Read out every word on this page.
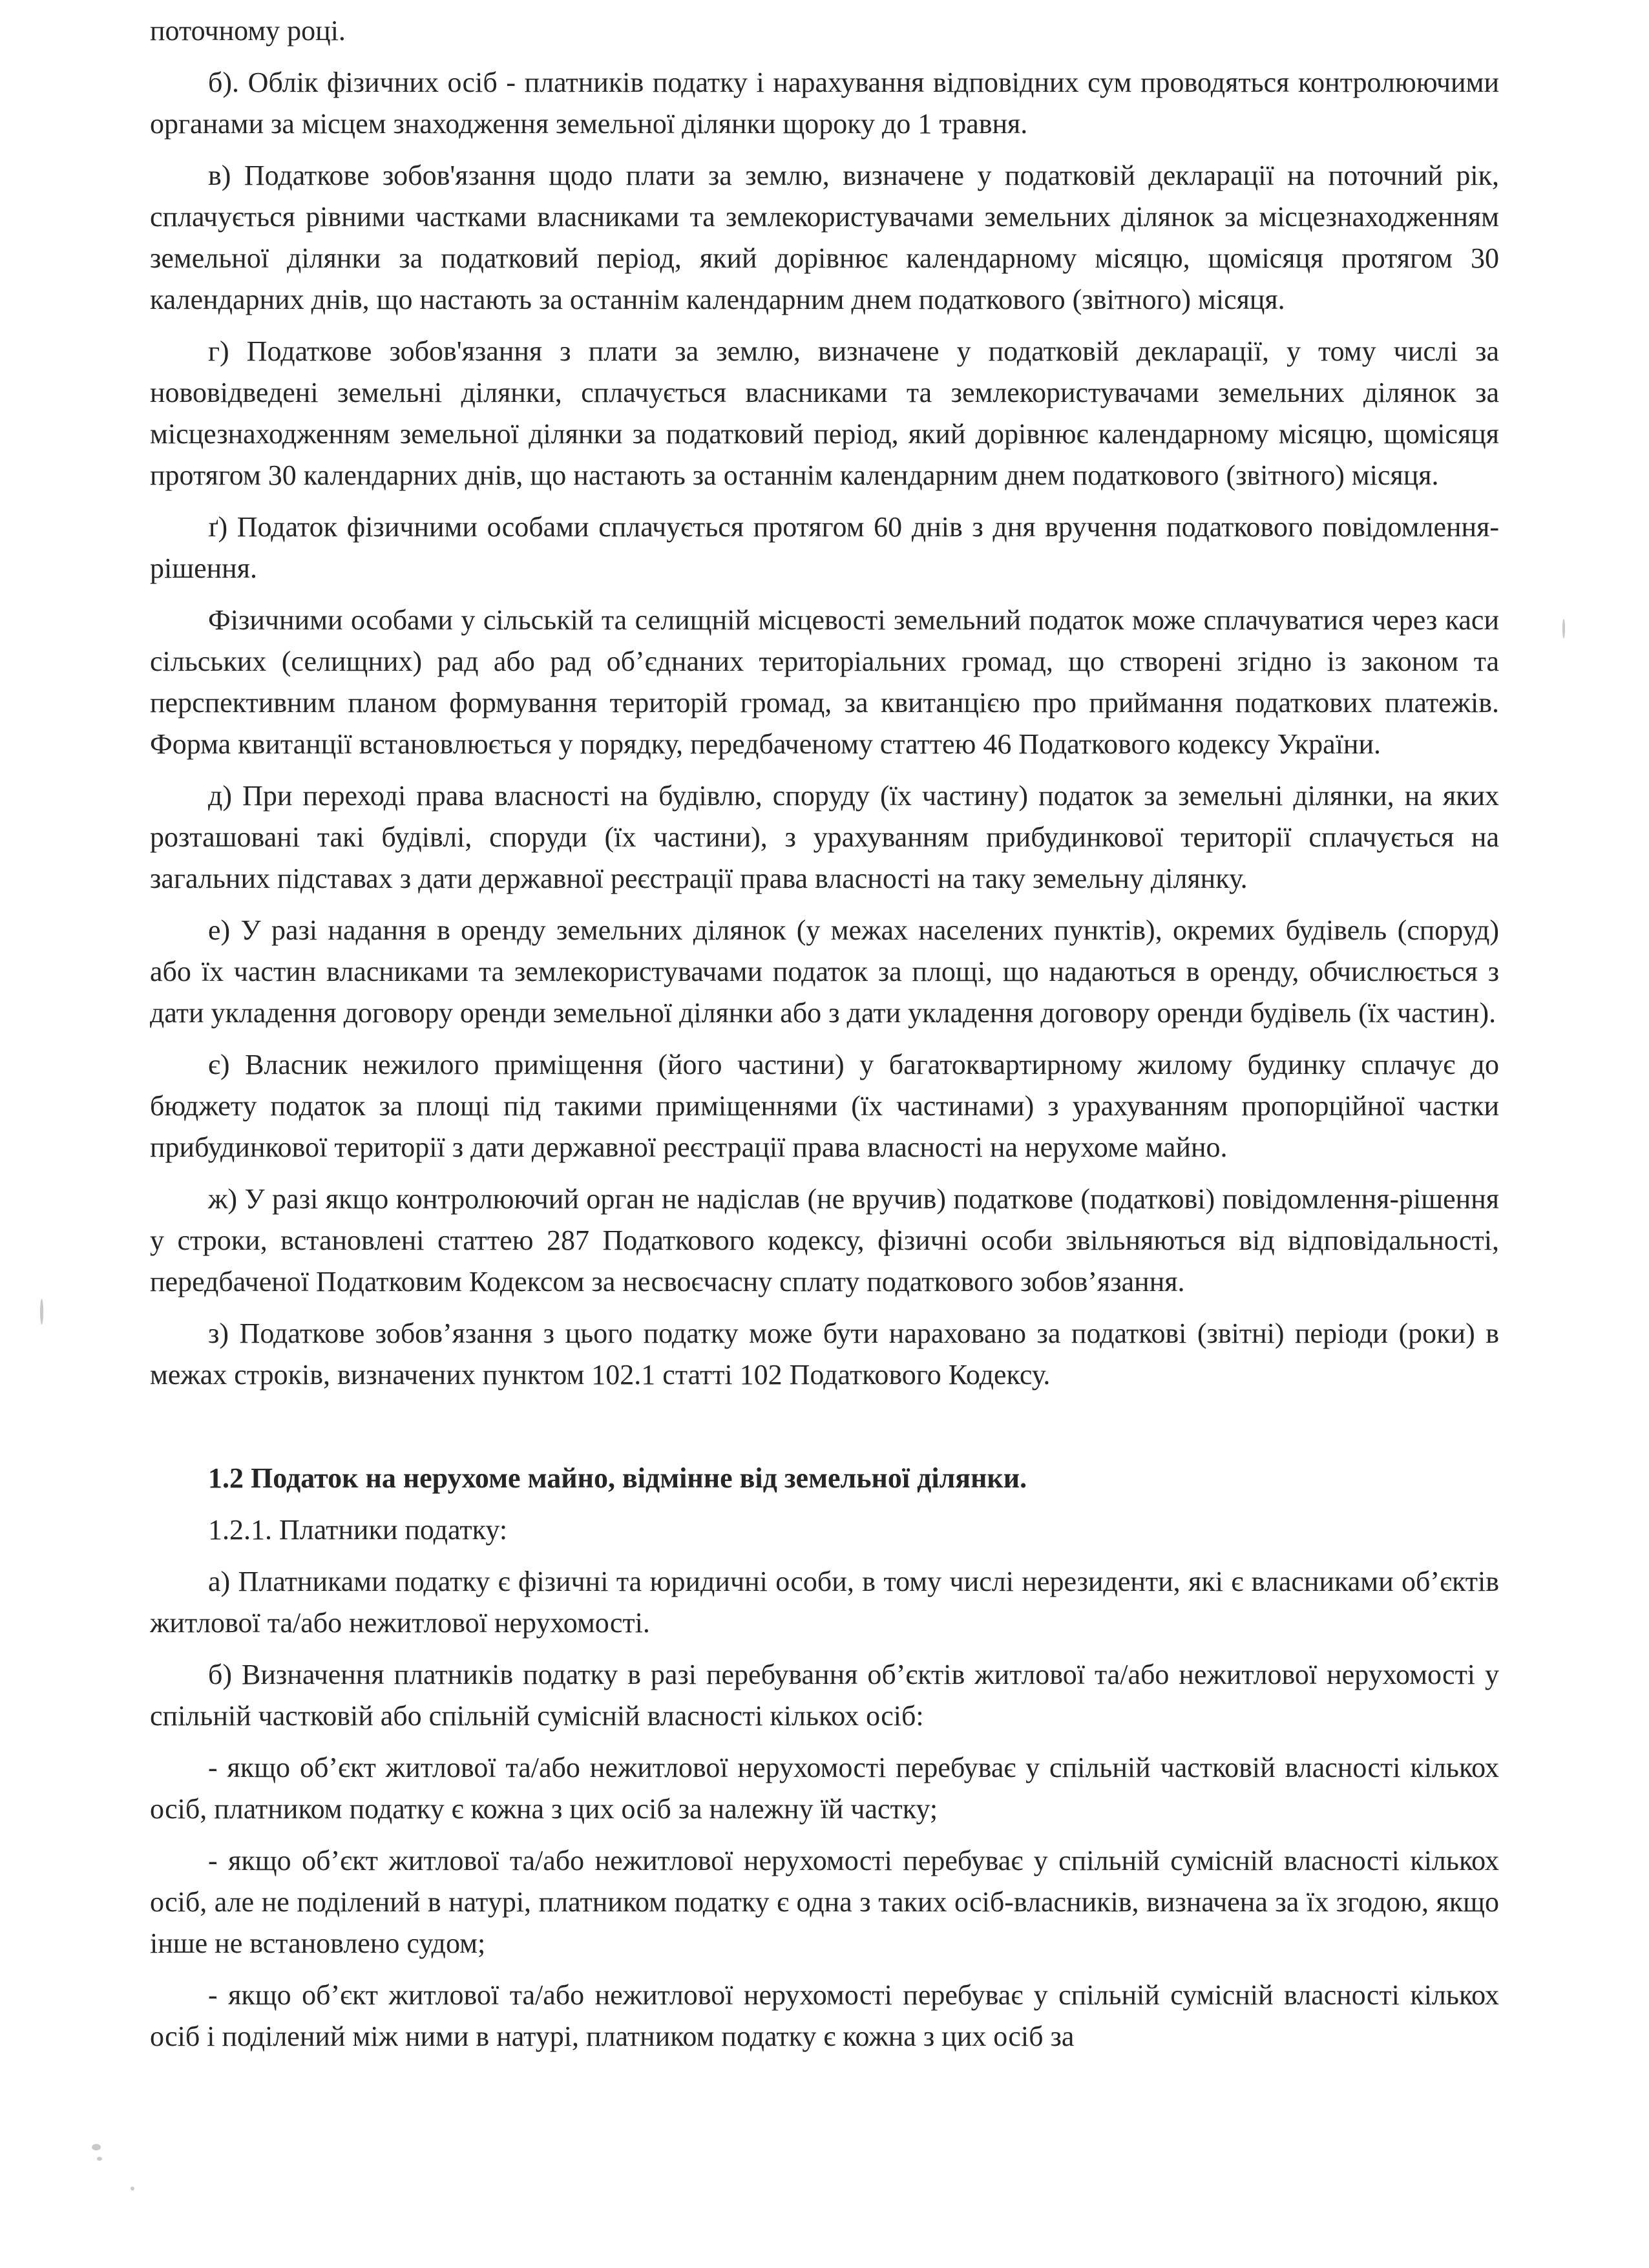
поточному році.

б). Облік фізичних осіб - платників податку і нарахування відповідних сум проводяться контролюючими органами за місцем знаходження земельної ділянки щороку до 1 травня.

в) Податкове зобов'язання щодо плати за землю, визначене у податковій декларації на поточний рік, сплачується рівними частками власниками та землекористувачами земельних ділянок за місцезнаходженням земельної ділянки за податковий період, який дорівнює календарному місяцю, щомісяця протягом 30 календарних днів, що настають за останнім календарним днем податкового (звітного) місяця.

г) Податкове зобов'язання з плати за землю, визначене у податковій декларації, у тому числі за нововідведені земельні ділянки, сплачується власниками та землекористувачами земельних ділянок за місцезнаходженням земельної ділянки за податковий період, який дорівнює календарному місяцю, щомісяця протягом 30 календарних днів, що настають за останнім календарним днем податкового (звітного) місяця.

ґ) Податок фізичними особами сплачується протягом 60 днів з дня вручення податкового повідомлення-рішення.

Фізичними особами у сільській та селищній місцевості земельний податок може сплачуватися через каси сільських (селищних) рад або рад об’єднаних територіальних громад, що створені згідно із законом та перспективним планом формування територій громад, за квитанцією про приймання податкових платежів. Форма квитанції встановлюється у порядку, передбаченому статтею 46 Податкового кодексу України.

д) При переході права власності на будівлю, споруду (їх частину) податок за земельні ділянки, на яких розташовані такі будівлі, споруди (їх частини), з урахуванням прибудинкової території сплачується на загальних підставах з дати державної реєстрації права власності на таку земельну ділянку.

е) У разі надання в оренду земельних ділянок (у межах населених пунктів), окремих будівель (споруд) або їх частин власниками та землекористувачами податок за площі, що надаються в оренду, обчислюється з дати укладення договору оренди земельної ділянки або з дати укладення договору оренди будівель (їх частин).

є) Власник нежилого приміщення (його частини) у багатоквартирному жилому будинку сплачує до бюджету податок за площі під такими приміщеннями (їх частинами) з урахуванням пропорційної частки прибудинкової території з дати державної реєстрації права власності на нерухоме майно.

ж) У разі якщо контролюючий орган не надіслав (не вручив) податкове (податкові) повідомлення-рішення у строки, встановлені статтею 287 Податкового кодексу, фізичні особи звільняються від відповідальності, передбаченої Податковим Кодексом за несвоєчасну сплату податкового зобов’язання.

з) Податкове зобов’язання з цього податку може бути нараховано за податкові (звітні) періоди (роки) в межах строків, визначених пунктом 102.1 статті 102 Податкового Кодексу.

1.2 Податок на нерухоме майно, відмінне від земельної ділянки.

1.2.1. Платники податку:

а) Платниками податку є фізичні та юридичні особи, в тому числі нерезиденти, які є власниками об’єктів житлової та/або нежитлової нерухомості.

б) Визначення платників податку в разі перебування об’єктів житлової та/або нежитлової нерухомості у спільній частковій або спільній сумісній власності кількох осіб:

- якщо об’єкт житлової та/або нежитлової нерухомості перебуває у спільній частковій власності кількох осіб, платником податку є кожна з цих осіб за належну їй частку;

- якщо об’єкт житлової та/або нежитлової нерухомості перебуває у спільній сумісній власності кількох осіб, але не поділений в натурі, платником податку є одна з таких осіб-власників, визначена за їх згодою, якщо інше не встановлено судом;

- якщо об’єкт житлової та/або нежитлової нерухомості перебуває у спільній сумісній власності кількох осіб і поділений між ними в натурі, платником податку є кожна з цих осіб за
